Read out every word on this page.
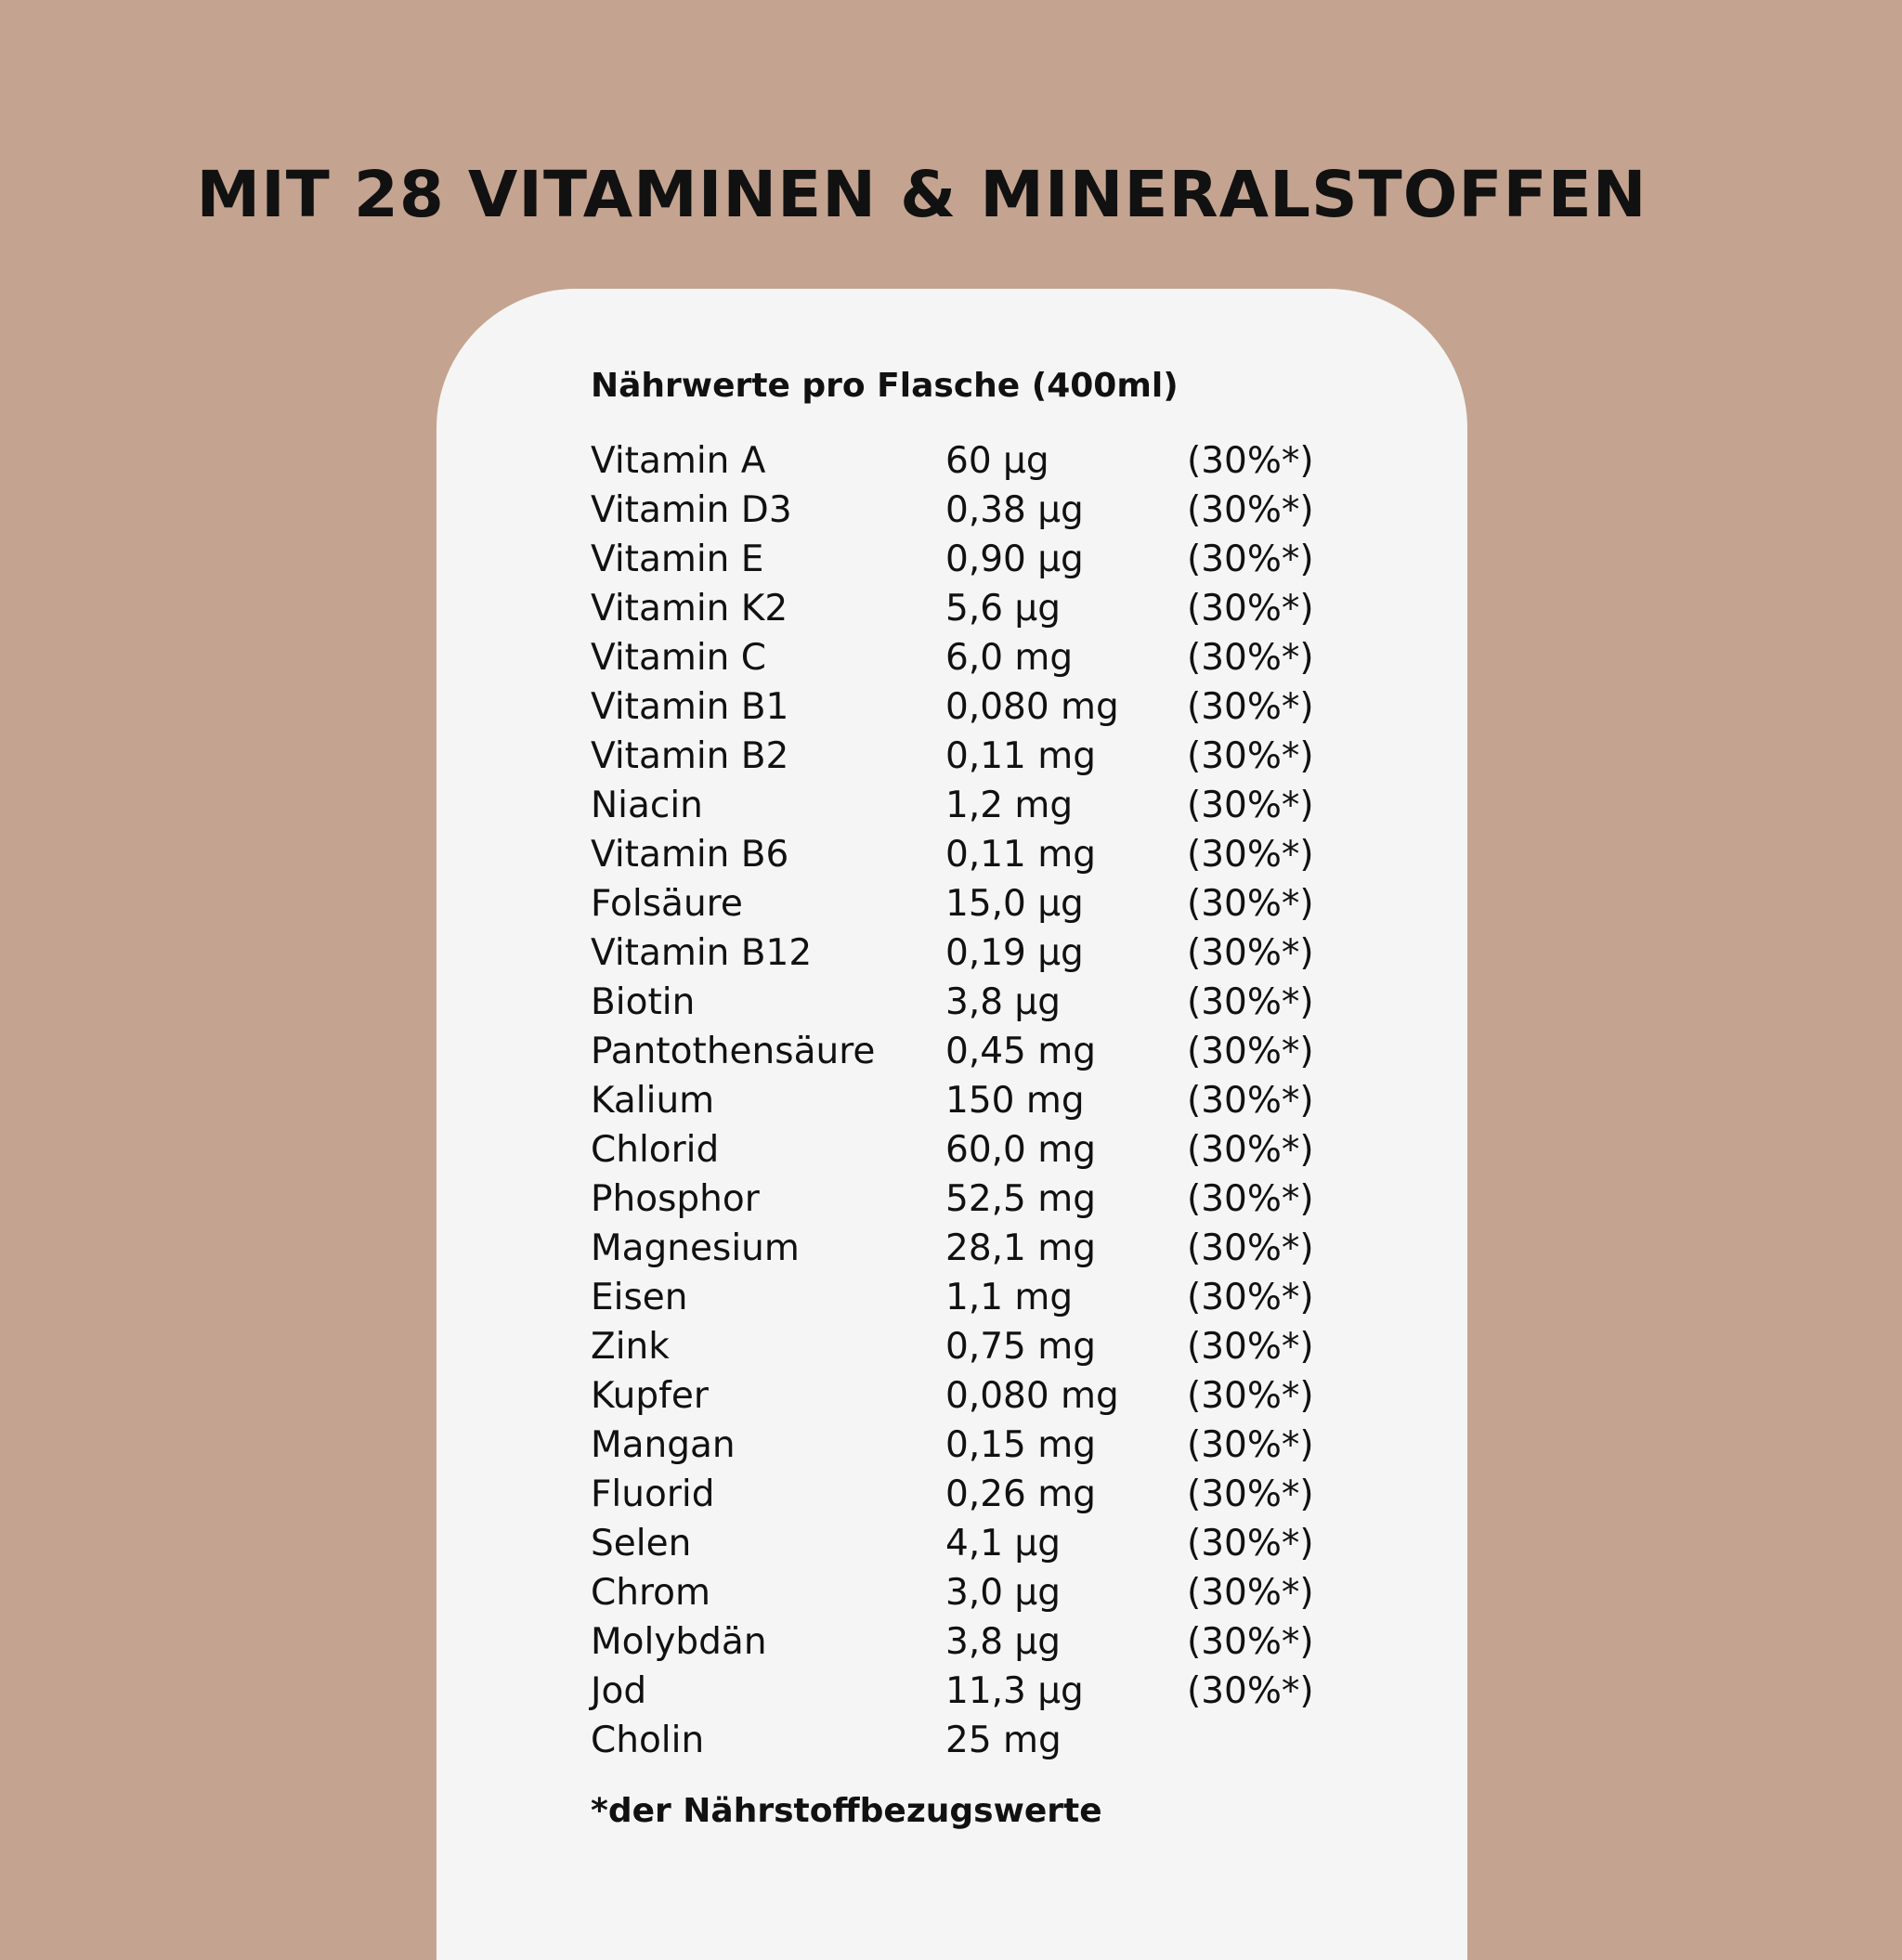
MIT 28 VITAMINEN & MINERALSTOFFEN
Nährwerte pro Flasche (400ml)
Vitamin A	60 µg	(30%*)
Vitamin D3	0,38 µg	(30%*)
Vitamin E	0,90 µg	(30%*)
Vitamin K2	5,6 µg	(30%*)
Vitamin C	6,0 mg	(30%*)
Vitamin B1	0,080 mg (30%*)
Vitamin B2	0,11 mg	(30%*)
Niacin	1,2 mg	(30%*)
Vitamin B6	0,11 mg	(30%*)
Folsäure	15,0 µg	(30%*)
Vitamin B12	0,19 µg	(30%*)
Biotin	3,8 µg	(30%*)
Pantothensäure 0,45 mg	(30%*)
Kalium	150 mg	(30%*)
Chlorid	60,0 mg	(30%*)
Phosphor	52,5 mg	(30%*)
Magnesium	28,1 mg	(30%*)
Eisen	1,1 mg	(30%*)
Zink	0,75 mg	(30%*)
Kupfer	0,080 mg (30%*)
Mangan	0,15 mg	(30%*)
Fluorid	0,26 mg	(30%*)
Selen	4,1 µg	(30%*)
Chrom	3,0 µg	(30%*)
Molybdän	3,8 µg	(30%*)
Jod	11,3 µg	(30%*)
Cholin	25 mg
*der Nährstoffbezugswerte
